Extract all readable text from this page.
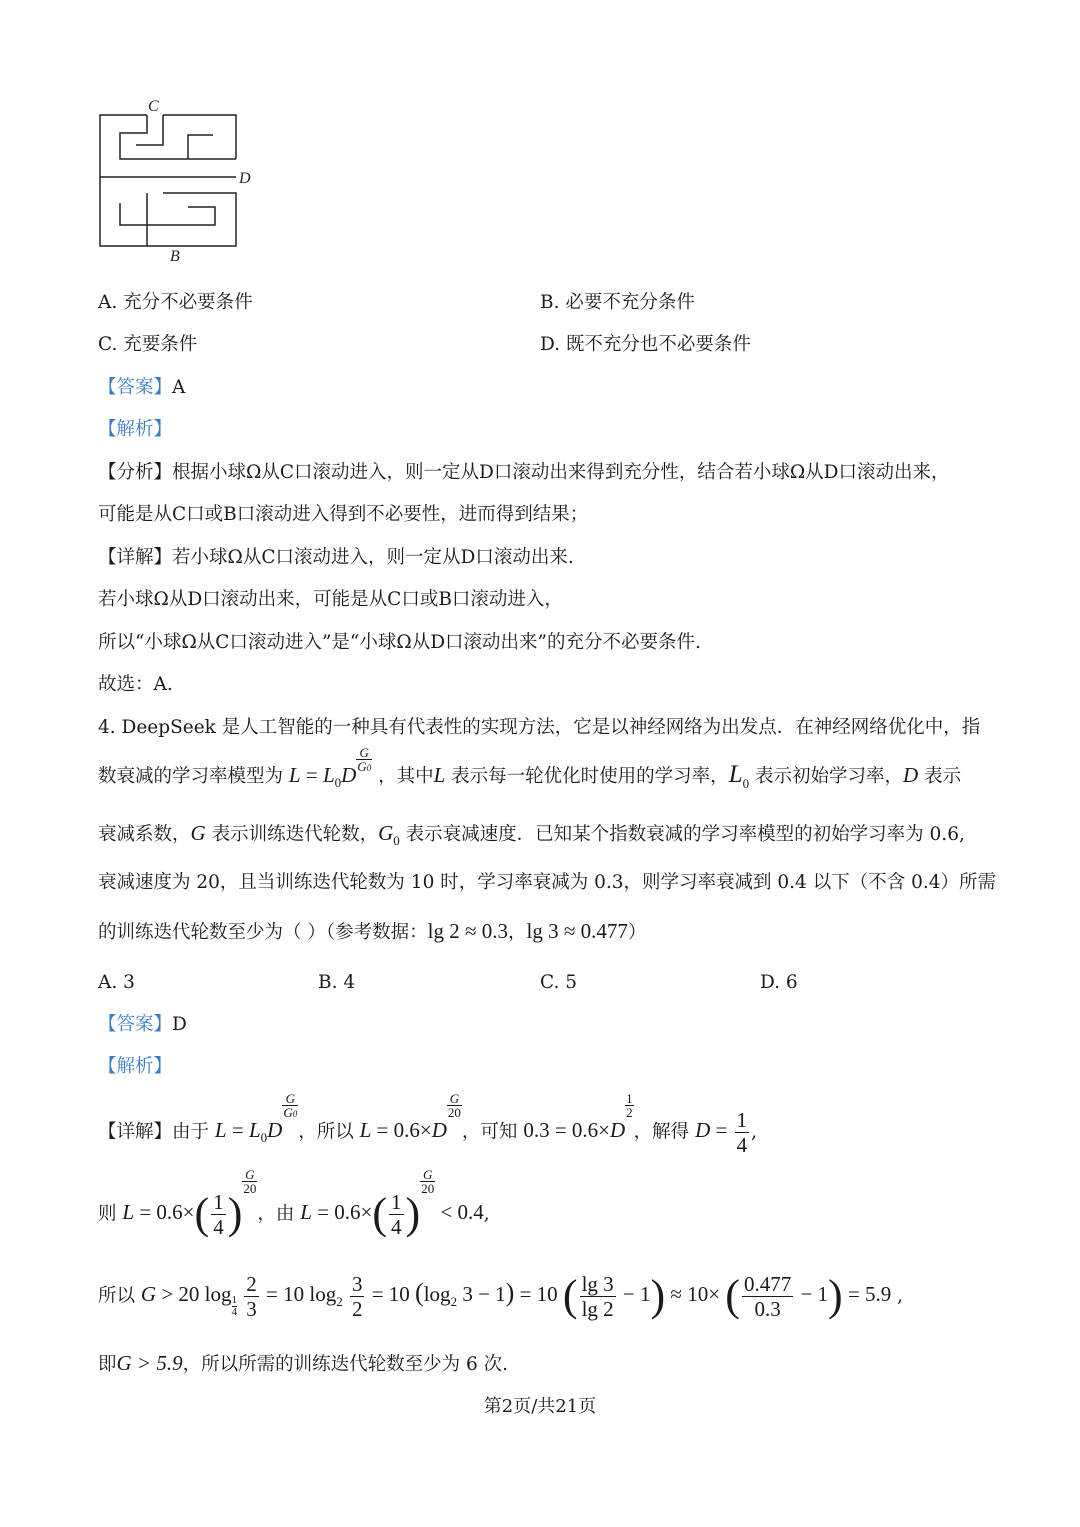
C
D
B
A. 充分不必要条件	B. 必要不充分条件
C. 充要条件	D. 既不充分也不必要条件
【答案】A
【解析】
【分析】根据小球Ω从C口滚动进入，则一定从D口滚动出来得到充分性，结合若小球Ω从D口滚动出来，
可能是从C口或B口滚动进入得到不必要性，进而得到结果；
【详解】若小球Ω从C口滚动进入，则一定从D口滚动出来.
若小球Ω从D口滚动出来，可能是从C口或B口滚动进入，
所以“小球Ω从C口滚动进入”是“小球Ω从D口滚动出来”的充分不必要条件.
故选：A.
4. DeepSeek 是人工智能的一种具有代表性的实现方法，它是以神经网络为出发点．在神经网络优化中，指
数衰减的学习率模型为 $L = L_0D \frac{G}{G0}$
，其中L 表示每一轮优化时使用的学习率，$L_0$ 表示初始学习率，D 表示
衰减系数，G 表示训练迭代轮数，$G_0$ 表示衰减速度．已知某个指数衰减的学习率模型的初始学习率为 0.6,
衰减速度为 20，且当训练迭代轮数为 10 时，学习率衰减为 0.3，则学习率衰减到 0.4 以下（不含 0.4）所需
的训练迭代轮数至少为（ ）（参考数据：lg 2 ≈ 0.3，lg 3 ≈ 0.477）
A. 3	B. 4	C. 5	D. 6
【答案】D
【解析】
【详解】由于 $L = L_0D$
$\frac{G}{G0}$
，所以 L = 0.6×D
$\frac{G}{20}$
，可知 0.3 = 0.6×D
$\frac{1}{2}$
，解得 $D = \frac{1}{4}$ ,
则 $L = 0.6\times( \frac{1}{4}$ )
$\frac{G}{20}$
，由 $L = 0.6\times( \frac{1}{4}$ )
$\frac{G}{20}$
< 0.4,
所以 G > 20 log
$\frac{1}{4}$
$\frac{2}{3} = 10$ $\log_2 \frac{3}{2} = 10$ ($\log_2$ 3 − 1) = 10 ( $\frac{\lg 3}{\lg 2} - 1) \approx 10\times$ ( $\frac{0.477}{0.3} - 1) = 5.9$ ,
即G > 5.9，所以所需的训练迭代轮数至少为 6 次.
第2页/共21页
